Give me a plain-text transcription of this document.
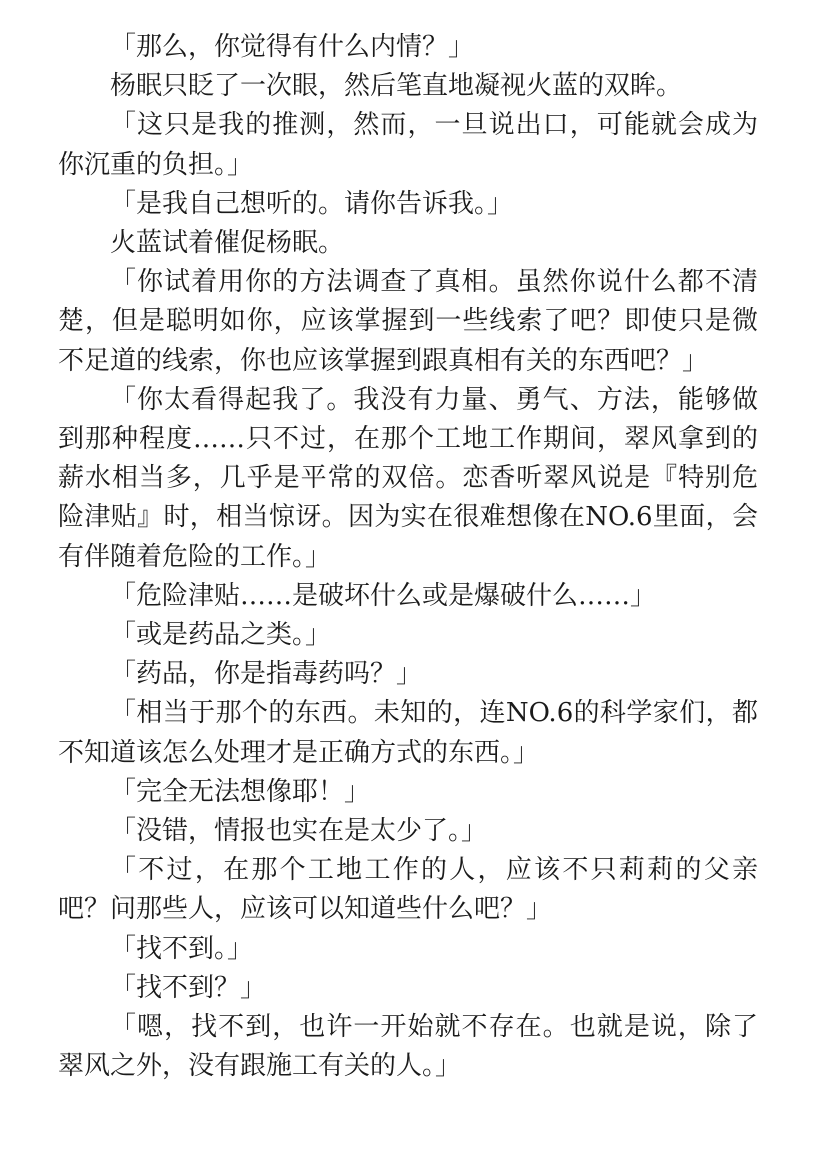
「那么，你觉得有什么内情？」

杨眠只眨了一次眼，然后笔直地凝视火蓝的双眸。

「这只是我的推测，然而，一旦说出口，可能就会成为你沉重的负担。」

「是我自己想听的。请你告诉我。」

火蓝试着催促杨眠。

「你试着用你的方法调查了真相。虽然你说什么都不清楚，但是聪明如你，应该掌握到一些线索了吧？即使只是微不足道的线索，你也应该掌握到跟真相有关的东西吧？」

「你太看得起我了。我没有力量、勇气、方法，能够做到那种程度……只不过，在那个工地工作期间，翠风拿到的薪水相当多，几乎是平常的双倍。恋香听翠风说是『特别危险津贴』时，相当惊讶。因为实在很难想像在NO.6里面，会有伴随着危险的工作。」

「危险津贴……是破坏什么或是爆破什么……」

「或是药品之类。」

「药品，你是指毒药吗？」

「相当于那个的东西。未知的，连NO.6的科学家们，都不知道该怎么处理才是正确方式的东西。」

「完全无法想像耶！」

「没错，情报也实在是太少了。」

「不过，在那个工地工作的人，应该不只莉莉的父亲吧？问那些人，应该可以知道些什么吧？」

「找不到。」

「找不到？」

「嗯，找不到，也许一开始就不存在。也就是说，除了翠风之外，没有跟施工有关的人。」
